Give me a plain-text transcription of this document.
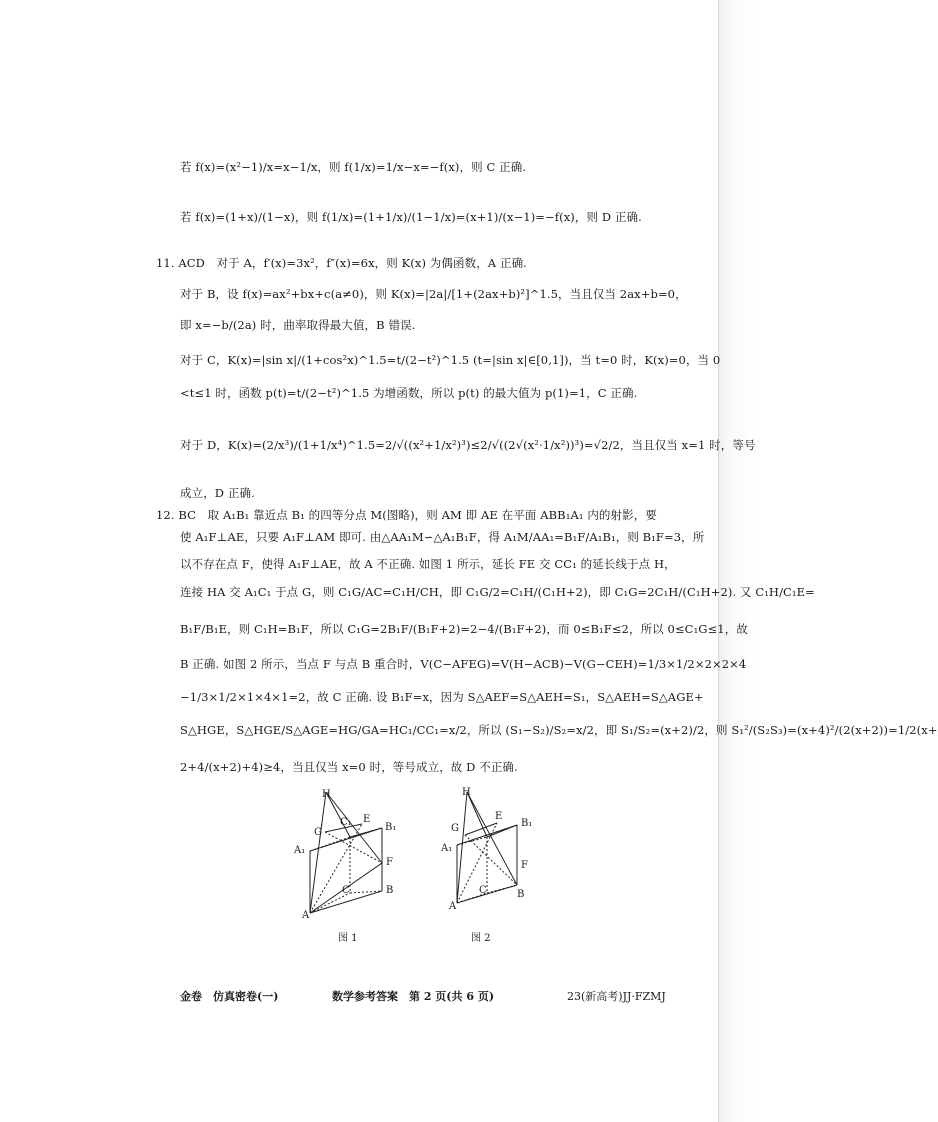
若 f(x)=(x²−1)/x=x−1/x，则 f(1/x)=1/x−x=−f(x)，则 C 正确.
若 f(x)=(1+x)/(1−x)，则 f(1/x)=(1+1/x)/(1−1/x)=(x+1)/(x−1)=−f(x)，则 D 正确.
11. ACD　对于 A，f′(x)=3x²，f″(x)=6x，则 K(x) 为偶函数，A 正确.
对于 B，设 f(x)=ax²+bx+c(a≠0)，则 K(x)=|2a|/[1+(2ax+b)²]^1.5，当且仅当 2ax+b=0，
即 x=−b/(2a) 时，曲率取得最大值，B 错误.
对于 C，K(x)=|sin x|/(1+cos²x)^1.5=t/(2−t²)^1.5 (t=|sin x|∈[0,1])，当 t=0 时，K(x)=0，当 0
<t≤1 时，函数 p(t)=t/(2−t²)^1.5 为增函数，所以 p(t) 的最大值为 p(1)=1，C 正确.
对于 D，K(x)=(2/x³)/(1+1/x⁴)^1.5=2/√((x²+1/x²)³)≤2/√((2√(x²·1/x²))³)=√2/2，当且仅当 x=1 时，等号
成立，D 正确.
12. BC　取 A₁B₁ 靠近点 B₁ 的四等分点 M(图略)，则 AM 即 AE 在平面 ABB₁A₁ 内的射影，要
使 A₁F⊥AE，只要 A₁F⊥AM 即可. 由△AA₁M∽△A₁B₁F，得 A₁M/AA₁=B₁F/A₁B₁，则 B₁F=3，所
以不存在点 F，使得 A₁F⊥AE，故 A 不正确. 如图 1 所示，延长 FE 交 CC₁ 的延长线于点 H，
连接 HA 交 A₁C₁ 于点 G，则 C₁G/AC=C₁H/CH，即 C₁G/2=C₁H/(C₁H+2)，即 C₁G=2C₁H/(C₁H+2). 又 C₁H/C₁E=
B₁F/B₁E，则 C₁H=B₁F，所以 C₁G=2B₁F/(B₁F+2)=2−4/(B₁F+2)，而 0≤B₁F≤2，所以 0≤C₁G≤1，故
B 正确. 如图 2 所示，当点 F 与点 B 重合时，V(C−AFEG)=V(H−ACB)−V(G−CEH)=1/3×1/2×2×2×4
−1/3×1/2×1×4×1=2，故 C 正确. 设 B₁F=x，因为 S△AEF=S△AEH=S₁，S△AEH=S△AGE+
S△HGE，S△HGE/S△AGE=HG/GA=HC₁/CC₁=x/2，所以 (S₁−S₂)/S₂=x/2，即 S₁/S₂=(x+2)/2，则 S₁²/(S₂S₃)=(x+4)²/(2(x+2))=1/2(x+
2+4/(x+2)+4)≥4，当且仅当 x=0 时，等号成立，故 D 不正确.
H
G
C₁ E
B₁
A₁
F
C	B
A
图 1
H
G
E
B₁
A₁
F
C	B
A
图 2
金卷　仿真密卷(一)	数学参考答案　第 2 页(共 6 页)	23(新高考)JJ·FZMJ
